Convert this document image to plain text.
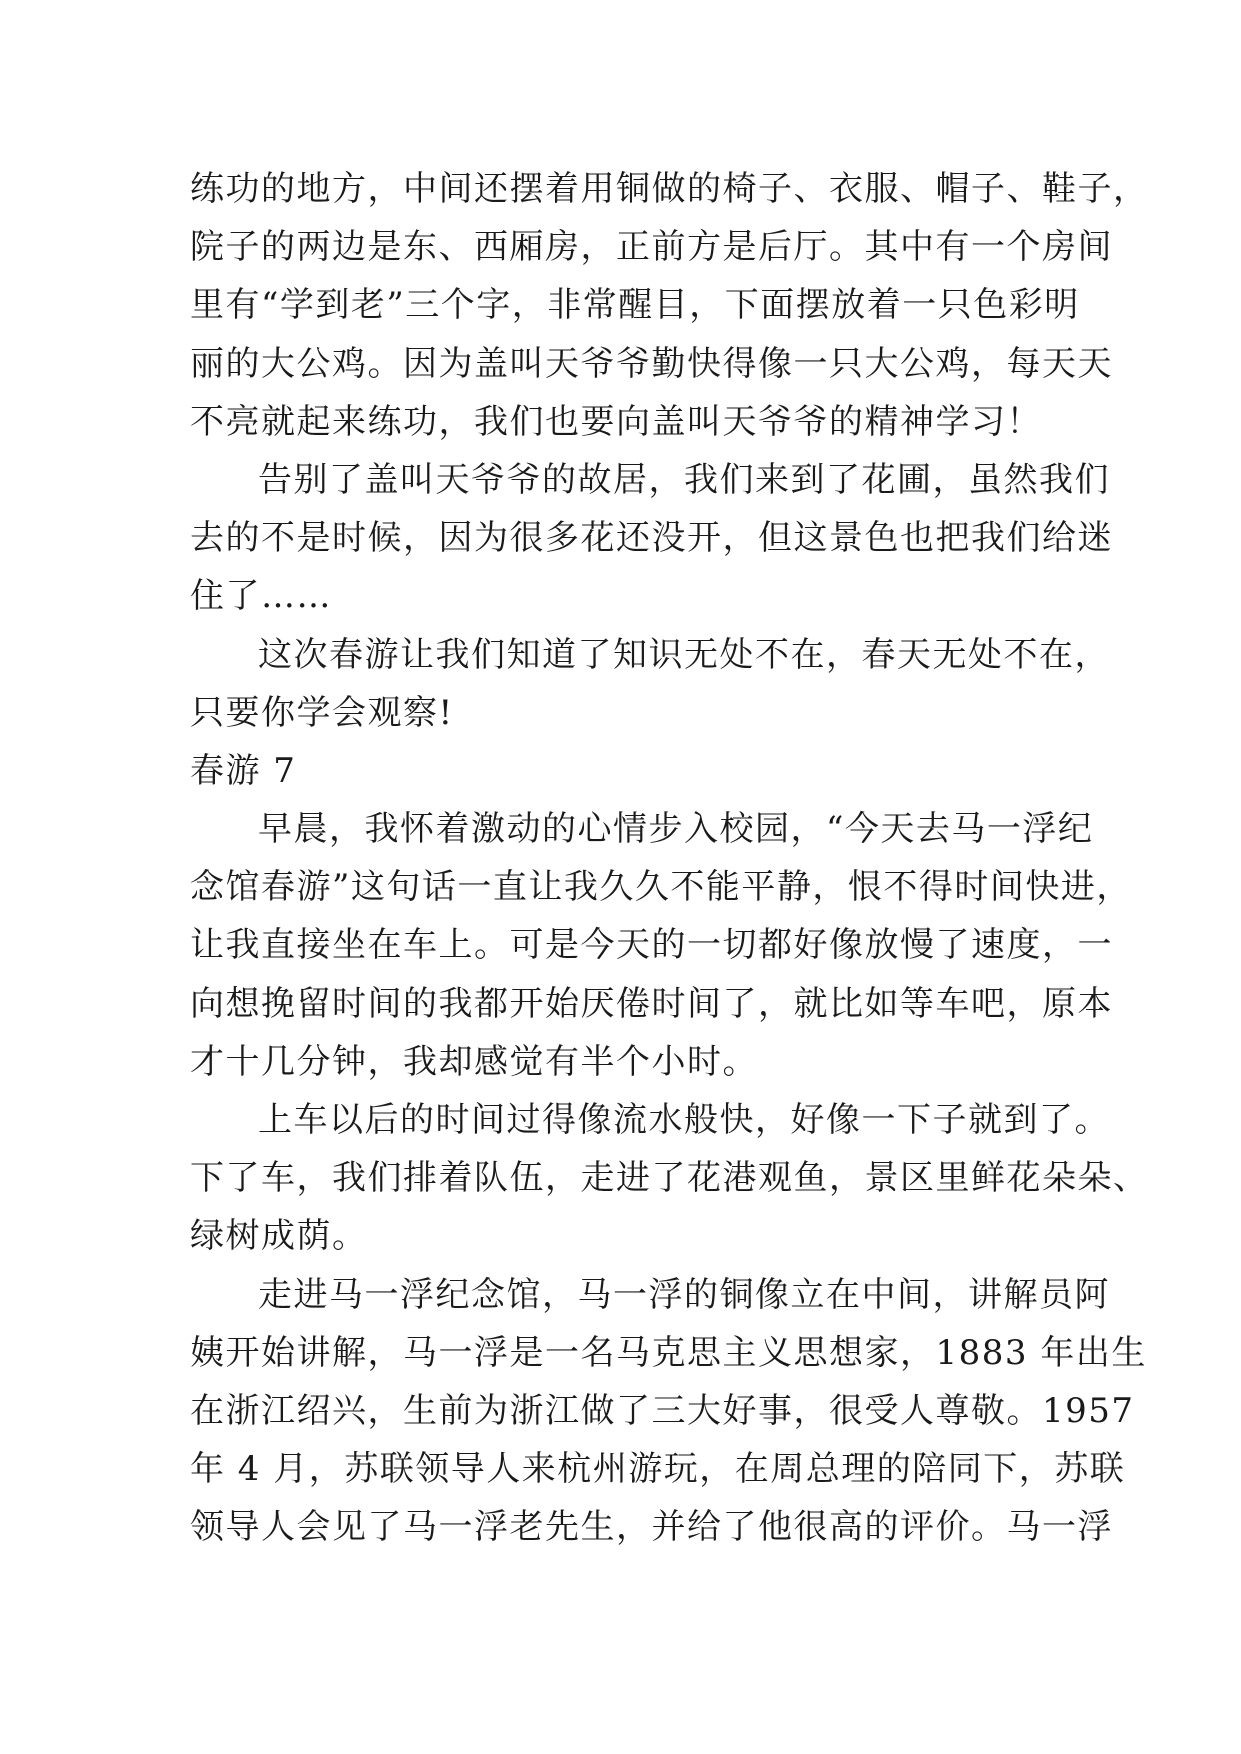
练功的地方，中间还摆着用铜做的椅子、衣服、帽子、鞋子，
院子的两边是东、西厢房，正前方是后厅。其中有一个房间
里有“学到老”三个字，非常醒目，下面摆放着一只色彩明
丽的大公鸡。因为盖叫天爷爷勤快得像一只大公鸡，每天天
不亮就起来练功，我们也要向盖叫天爷爷的精神学习！
告别了盖叫天爷爷的故居，我们来到了花圃，虽然我们
去的不是时候，因为很多花还没开，但这景色也把我们给迷
住了……
这次春游让我们知道了知识无处不在，春天无处不在，
只要你学会观察!
春游 7
早晨，我怀着激动的心情步入校园，“今天去马一浮纪
念馆春游”这句话一直让我久久不能平静，恨不得时间快进，
让我直接坐在车上。可是今天的一切都好像放慢了速度，一
向想挽留时间的我都开始厌倦时间了，就比如等车吧，原本
才十几分钟，我却感觉有半个小时。
上车以后的时间过得像流水般快，好像一下子就到了。
下了车，我们排着队伍，走进了花港观鱼，景区里鲜花朵朵、
绿树成荫。
走进马一浮纪念馆，马一浮的铜像立在中间，讲解员阿
姨开始讲解，马一浮是一名马克思主义思想家，1883 年出生
在浙江绍兴，生前为浙江做了三大好事，很受人尊敬。1957
年 4 月，苏联领导人来杭州游玩，在周总理的陪同下，苏联
领导人会见了马一浮老先生，并给了他很高的评价。马一浮
